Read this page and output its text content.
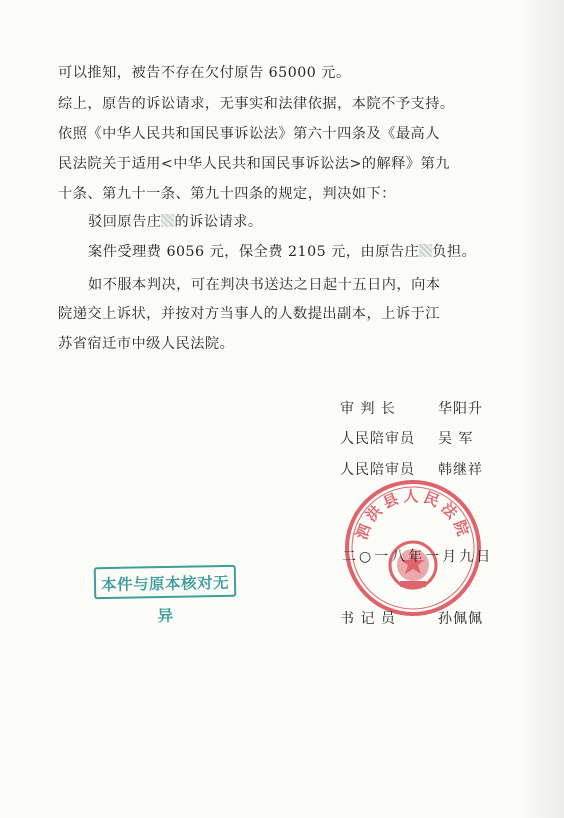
可以推知，被告不存在欠付原告 65000 元。
综上，原告的诉讼请求，无事实和法律依据，本院不予支持。
依照《中华人民共和国民事诉讼法》第六十四条及《最高人
民法院关于适用<中华人民共和国民事诉讼法>的解释》第九
十条、第九十一条、第九十四条的规定，判决如下：
驳回原告庄 的诉讼请求。
案件受理费 6056 元，保全费 2105 元，由原告庄 负担。
如不服本判决，可在判决书送达之日起十五日内，向本
院递交上诉状，并按对方当事人的人数提出副本，上诉于江
苏省宿迁市中级人民法院。
审 判 长	华阳升
人民陪审员 吴 军
人民陪审员 韩继祥
泗洪县人民法院
二○一八年一月九日
本件与原本核对无异	书 记 员	孙佩佩
